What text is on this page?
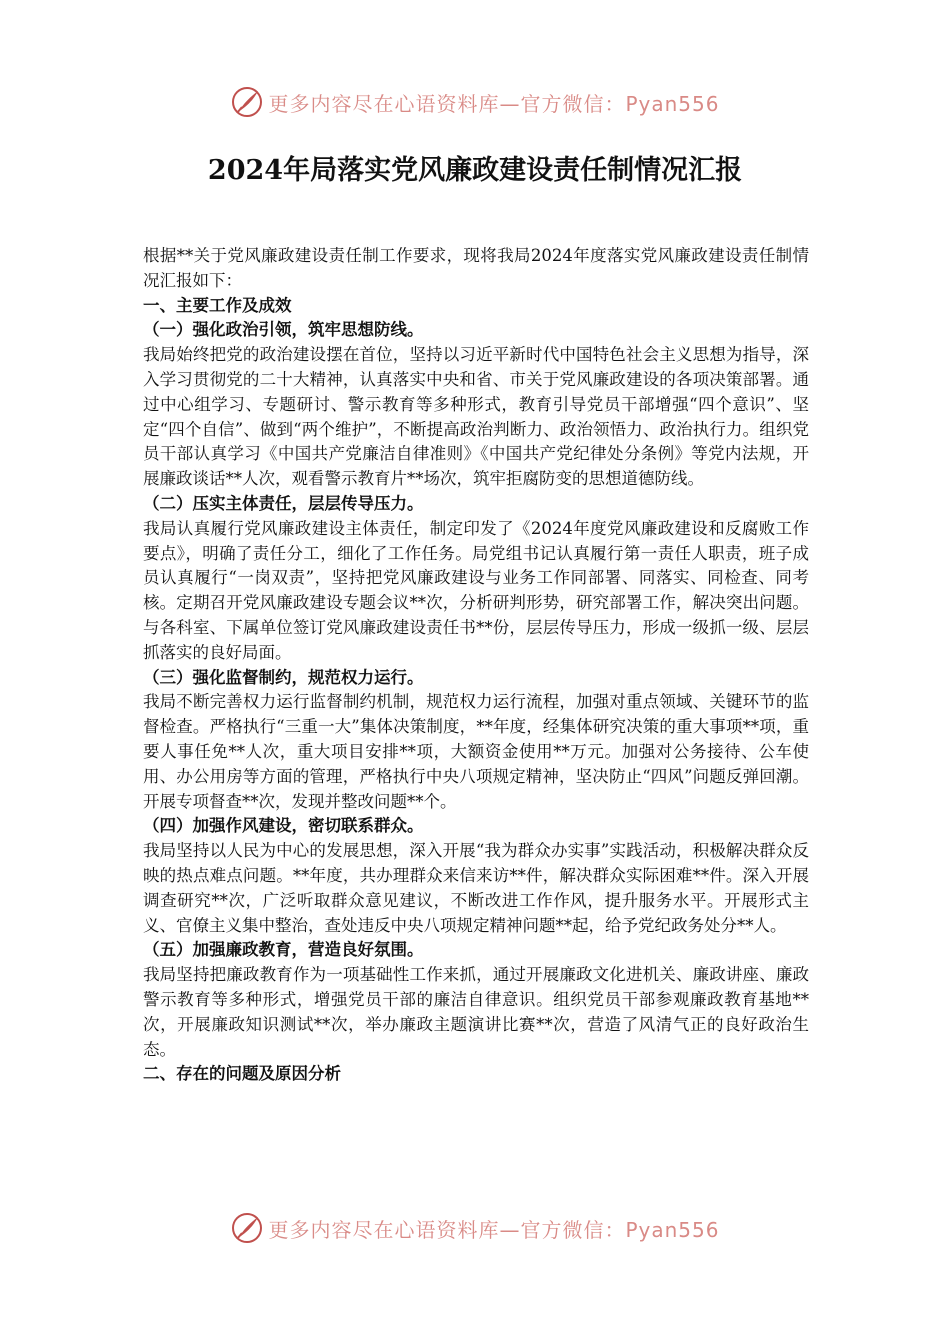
更多内容尽在心语资料库—官方微信：Pyan556
2024年局落实党风廉政建设责任制情况汇报

根据**关于党风廉政建设责任制工作要求，现将我局2024年度落实党风廉政建设责任制情况汇报如下：

一、主要工作及成效

（一）强化政治引领，筑牢思想防线。

我局始终把党的政治建设摆在首位，坚持以习近平新时代中国特色社会主义思想为指导，深入学习贯彻党的二十大精神，认真落实中央和省、市关于党风廉政建设的各项决策部署。通过中心组学习、专题研讨、警示教育等多种形式，教育引导党员干部增强“四个意识”、坚定“四个自信”、做到“两个维护”，不断提高政治判断力、政治领悟力、政治执行力。组织党员干部认真学习《中国共产党廉洁自律准则》《中国共产党纪律处分条例》等党内法规，开展廉政谈话**人次，观看警示教育片**场次，筑牢拒腐防变的思想道德防线。

（二）压实主体责任，层层传导压力。

我局认真履行党风廉政建设主体责任，制定印发了《2024年度党风廉政建设和反腐败工作要点》，明确了责任分工，细化了工作任务。局党组书记认真履行第一责任人职责，班子成员认真履行“一岗双责”，坚持把党风廉政建设与业务工作同部署、同落实、同检查、同考核。定期召开党风廉政建设专题会议**次，分析研判形势，研究部署工作，解决突出问题。与各科室、下属单位签订党风廉政建设责任书**份，层层传导压力，形成一级抓一级、层层抓落实的良好局面。

（三）强化监督制约，规范权力运行。

我局不断完善权力运行监督制约机制，规范权力运行流程，加强对重点领域、关键环节的监督检查。严格执行“三重一大”集体决策制度，**年度，经集体研究决策的重大事项**项，重要人事任免**人次，重大项目安排**项，大额资金使用**万元。加强对公务接待、公车使用、办公用房等方面的管理，严格执行中央八项规定精神，坚决防止“四风”问题反弹回潮。开展专项督查**次，发现并整改问题**个。

（四）加强作风建设，密切联系群众。

我局坚持以人民为中心的发展思想，深入开展“我为群众办实事”实践活动，积极解决群众反映的热点难点问题。**年度，共办理群众来信来访**件，解决群众实际困难**件。深入开展调查研究**次，广泛听取群众意见建议，不断改进工作作风，提升服务水平。开展形式主义、官僚主义集中整治，查处违反中央八项规定精神问题**起，给予党纪政务处分**人。

（五）加强廉政教育，营造良好氛围。

我局坚持把廉政教育作为一项基础性工作来抓，通过开展廉政文化进机关、廉政讲座、廉政警示教育等多种形式，增强党员干部的廉洁自律意识。组织党员干部参观廉政教育基地**次，开展廉政知识测试**次，举办廉政主题演讲比赛**次，营造了风清气正的良好政治生态。

二、存在的问题及原因分析

更多内容尽在心语资料库—官方微信：Pyan556
